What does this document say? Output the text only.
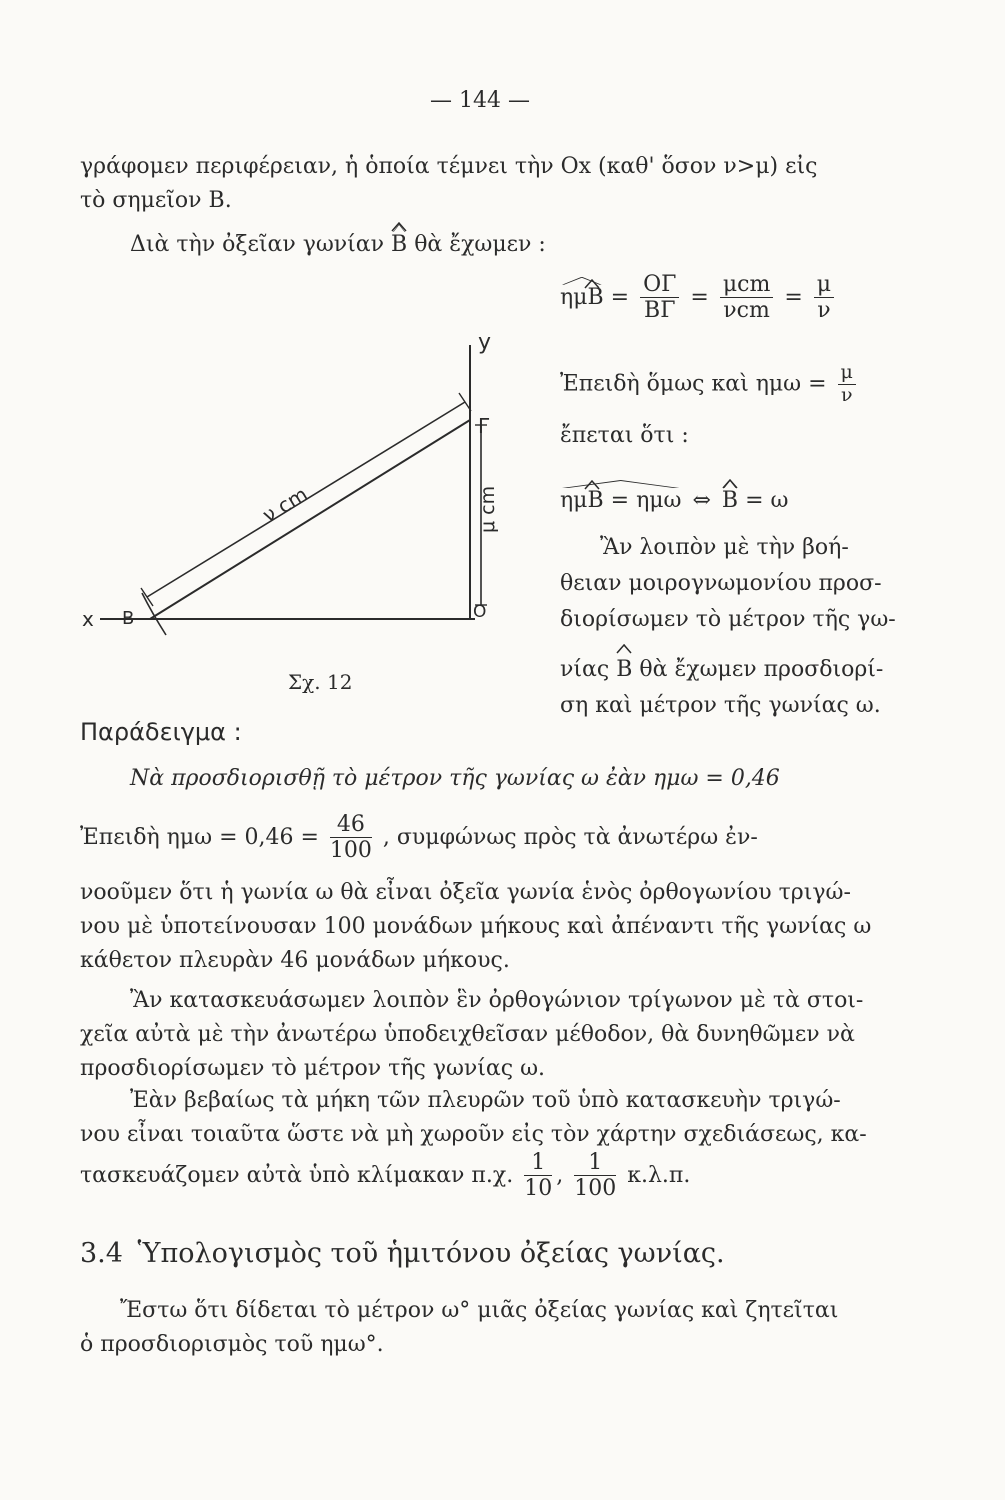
— 144 —
γράφομεν περιφέρειαν, ἡ ὁποία τέμνει τὴν Ox (καθ' ὅσον ν>μ) εἰς
τὸ σημεῖον B.
Διὰ τὴν ὀξεῖαν γωνίαν B θὰ ἔχωμεν :
$\eta\mu B = \frac{O\Gamma}{B\Gamma} = \frac{\text{μcm}}{\text{νcm}} = \frac{\mu}{\nu}$
Ἐπειδὴ ὅμως καὶ $\eta\mu\omega = \frac{\mu}{\nu}$
ἔπεται ὅτι :
ημB = ημω ⇔ B = ω
Ἂν λοιπὸν μὲ τὴν βοή-
θειαν μοιρογνωμονίου προσ-
διορίσωμεν τὸ μέτρον τῆς γω-
νίας B θὰ ἔχωμεν προσδιορί-
ση καὶ μέτρον τῆς γωνίας ω.
y
Γ
x B	O
ν cm	μ cm
Σχ. 12
Παράδειγμα :
Νὰ προσδιορισθῇ τὸ μέτρον τῆς γωνίας ω ἐὰν ημω = 0,46
Ἐπειδὴ $\eta\mu\omega = 0,46 = \frac{46}{100}$ , συμφώνως πρὸς τὰ ἀνωτέρω ἐν-
νοοῦμεν ὅτι ἡ γωνία ω θὰ εἶναι ὀξεῖα γωνία ἑνὸς ὀρθογωνίου τριγώ-
νου μὲ ὑποτείνουσαν 100 μονάδων μήκους καὶ ἀπέναντι τῆς γωνίας ω
κάθετον πλευρὰν 46 μονάδων μήκους.
Ἂν κατασκευάσωμεν λοιπὸν ἓν ὀρθογώνιον τρίγωνον μὲ τὰ στοι-
χεῖα αὐτὰ μὲ τὴν ἀνωτέρω ὑποδειχθεῖσαν μέθοδον, θὰ δυνηθῶμεν νὰ
προσδιορίσωμεν τὸ μέτρον τῆς γωνίας ω.
Ἐὰν βεβαίως τὰ μήκη τῶν πλευρῶν τοῦ ὑπὸ κατασκευὴν τριγώ-
νου εἶναι τοιαῦτα ὥστε νὰ μὴ χωροῦν εἰς τὸν χάρτην σχεδιάσεως, κα-
τασκευάζομεν αὐτὰ ὑπὸ κλίμακαν π.χ. $\frac{1}{10}$ , $\frac{1}{100} \kappa.\lambda.\pi$.
3.4 Ὑπολογισμὸς τοῦ ἡμιτόνου ὀξείας γωνίας.
Ἔστω ὅτι δίδεται τὸ μέτρον ω° μιᾶς ὀξείας γωνίας καὶ ζητεῖται
ὁ προσδιορισμὸς τοῦ ημω°.
